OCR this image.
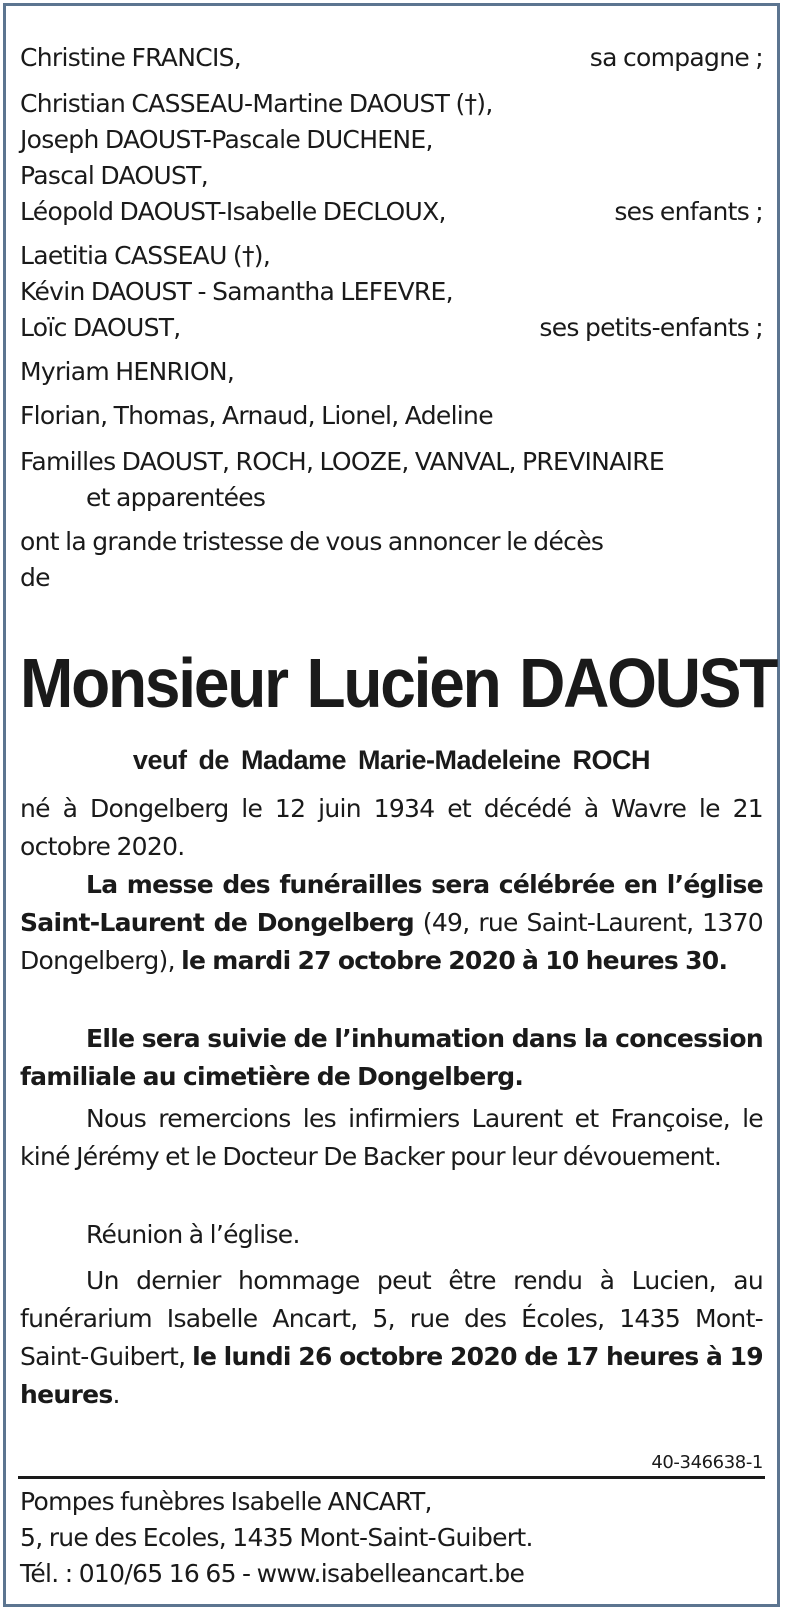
Christine FRANCIS,	sa compagne ;
Christian CASSEAU-Martine DAOUST (†),
Joseph DAOUST-Pascale DUCHENE,
Pascal DAOUST,
Léopold DAOUST-Isabelle DECLOUX,	ses enfants ;
Laetitia CASSEAU (†),
Kévin DAOUST - Samantha LEFEVRE,
Loïc DAOUST,	ses petits-enfants ;
Myriam HENRION,
Florian, Thomas, Arnaud, Lionel, Adeline
Familles DAOUST, ROCH, LOOZE, VANVAL, PREVINAIRE
et apparentées
ont la grande tristesse de vous annoncer le décès
de
Monsieur Lucien DAOUST
veuf de Madame Marie-Madeleine ROCH
né à Dongelberg le 12 juin 1934 et décédé à Wavre le 21 octobre 2020.
La messe des funérailles sera célébrée en l’église Saint-Laurent de Dongelberg (49, rue Saint-Laurent, 1370 Dongelberg), le mardi 27 octobre 2020 à 10 heures 30.
Elle sera suivie de l’inhumation dans la concession familiale au cimetière de Dongelberg.
Nous remercions les infirmiers Laurent et Françoise, le kiné Jérémy et le Docteur De Backer pour leur dévouement.
Réunion à l’église.
Un dernier hommage peut être rendu à Lucien, au funérarium Isabelle Ancart, 5, rue des Écoles, 1435 Mont-Saint-Guibert, le lundi 26 octobre 2020 de 17 heures à 19 heures.
40-346638-1
Pompes funèbres Isabelle ANCART,
5, rue des Ecoles, 1435 Mont-Saint-Guibert.
Tél. : 010/65 16 65 - www.isabelleancart.be
